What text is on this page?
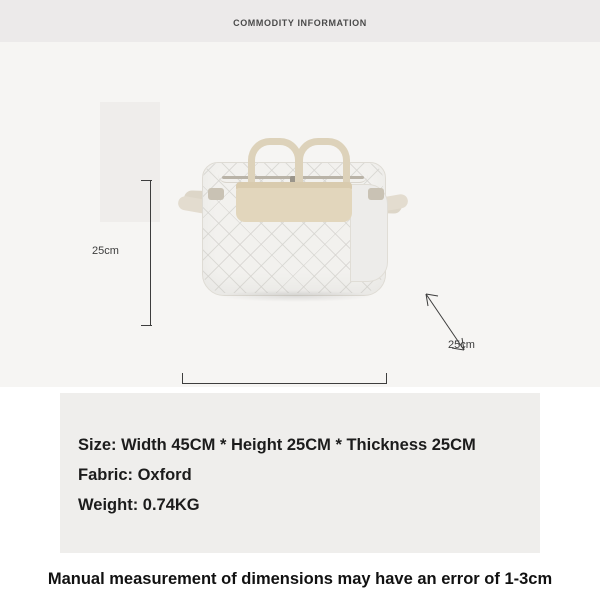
COMMODITY INFORMATION
25cm
25cm
Size: Width 45CM * Height 25CM * Thickness 25CM
Fabric: Oxford
Weight: 0.74KG
Manual measurement of dimensions may have an error of 1-3cm
